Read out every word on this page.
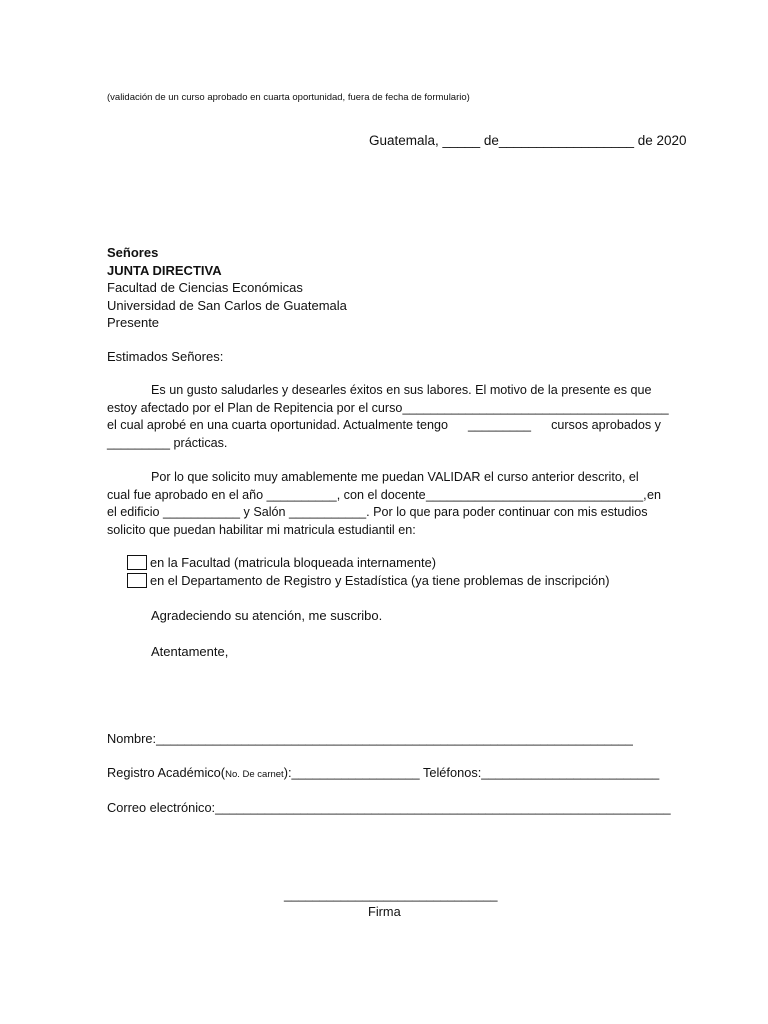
(validación de un curso aprobado en cuarta oportunidad, fuera de fecha de formulario)
Guatemala, _____ de__________________ de 2020
Señores
JUNTA DIRECTIVA
Facultad de Ciencias Económicas
Universidad de San Carlos de Guatemala
Presente
Estimados Señores:
Es un gusto saludarles y desearles éxitos en sus labores. El motivo de la presente es que
estoy afectado por el Plan de Repitencia por el curso ______________________________________
el cual aprobé en una cuarta oportunidad. Actualmente tengo _________ cursos aprobados y
_________ prácticas.
Por lo que solicito muy amablemente me puedan VALIDAR el curso anterior descrito, el
cual fue aprobado en el año __________, con el docente _______________________________, en
el edificio ___________ y Salón ___________. Por lo que para poder continuar con mis estudios
solicito que puedan habilitar mi matricula estudiantil en:
en la Facultad (matricula bloqueada internamente)
en el Departamento de Registro y Estadística (ya tiene problemas de inscripción)
Agradeciendo su atención, me suscribo.
Atentamente,
Nombre:___________________________________________________________________
Registro Académico(No. De carnet):__________________ Teléfonos:_________________________
Correo electrónico:________________________________________________________________
______________________________
Firma
